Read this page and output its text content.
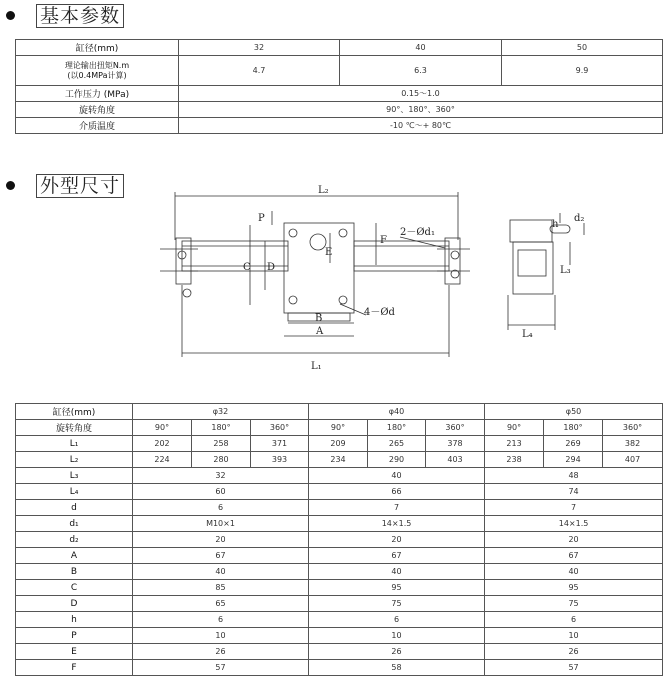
基本参数
缸径(mm)	32	40	50
理论输出扭矩N.m
(以0.4MPa计算)	4.7	6.3	9.9
工作压力 (MPa)	0.15～1.0		
旋转角度	90°、180°、360°		
介质温度	-10 ℃～+ 80℃		
外型尺寸	L₂
L₁
L₄
L₃
P
F
E
C D
B
A
2－Ød₁
4－Ød
d₂
h
缸径(mm)	φ32			φ40			φ50		
旋转角度	90°	180°	360°	90°	180°	360°	90°	180°	360°
L₁	202	258	371	209	265	378	213	269	382
L₂	224	280	393	234	290	403	238	294	407
L₃	32			40			48		
L₄	60			66			74		
d	6			7			7		
d₁	M10×1			14×1.5			14×1.5		
d₂	20			20			20		
A	67			67			67		
B	40			40			40		
C	85			95			95		
D	65			75			75		
h	6			6			6		
P	10			10			10		
E	26			26			26		
F	57			58			57		
